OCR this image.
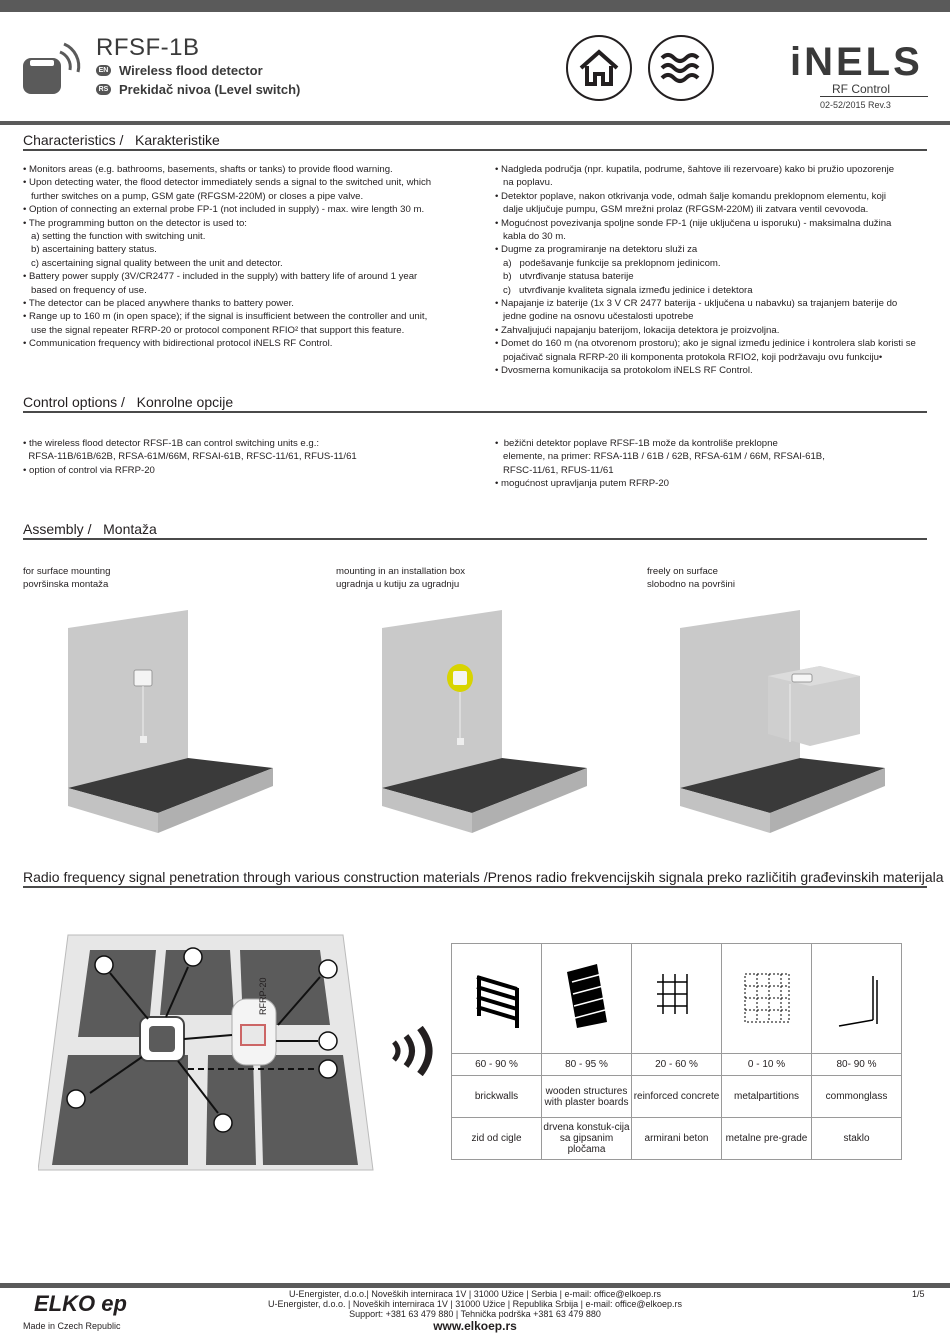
RFSF-1B
EN Wireless flood detector
RS Prekidač nivoa (Level switch)
iNELS
RF Control
02-52/2015 Rev.3
Characteristics / Karakteristike
• Monitors areas (e.g. bathrooms, basements, shafts or tanks) to provide flood warning.
• Upon detecting water, the flood detector immediately sends a signal to the switched unit, which
further switches on a pump, GSM gate (RFGSM-220M) or closes a pipe valve.
• Option of connecting an external probe FP-1 (not included in supply) - max. wire length 30 m.
• The programming button on the detector is used to:
a) setting the function with switching unit.
b) ascertaining battery status.
c) ascertaining signal quality between the unit and detector.
• Battery power supply (3V/CR2477 - included in the supply) with battery life of around 1 year
based on frequency of use.
• The detector can be placed anywhere thanks to battery power.
• Range up to 160 m (in open space); if the signal is insufficient between the controller and unit,
use the signal repeater RFRP-20 or protocol component RFIO² that support this feature.
• Communication frequency with bidirectional protocol iNELS RF Control.
• Nadgleda područja (npr. kupatila, podrume, šahtove ili rezervoare) kako bi pružio upozorenje
na poplavu.
• Detektor poplave, nakon otkrivanja vode, odmah šalje komandu preklopnom elementu, koji
dalje uključuje pumpu, GSM mrežni prolaz (RFGSM-220M) ili zatvara ventil cevovoda.
• Mogućnost povezivanja spoljne sonde FP-1 (nije uključena u isporuku) - maksimalna dužina
kabla do 30 m.
• Dugme za programiranje na detektoru služi za
a)   podešavanje funkcije sa preklopnom jedinicom.
b)   utvrđivanje statusa baterije
c)   utvrđivanje kvaliteta signala između jedinice i detektora
• Napajanje iz baterije (1x 3 V CR 2477 baterija - uključena u nabavku) sa trajanjem baterije do
jedne godine na osnovu učestalosti upotrebe
• Zahvaljujući napajanju baterijom, lokacija detektora je proizvoljna.
• Domet do 160 m (na otvorenom prostoru); ako je signal između jedinice i kontrolera slab koristi se
pojačivač signala RFRP-20 ili komponenta protokola RFIO2, koji podržavaju ovu funkciju•
• Dvosmerna komunikacija sa protokolom iNELS RF Control.
Control options / Konrolne opcije
• the wireless flood detector RFSF-1B can control switching units e.g.:
RFSA-11B/61B/62B, RFSA-61M/66M, RFSAI-61B, RFSC-11/61, RFUS-11/61
• option of control via RFRP-20
•  bežični detektor poplave RFSF-1B može da kontroliše preklopne
elemente, na primer: RFSA-11B / 61B / 62B, RFSA-61M / 66M, RFSAI-61B,
RFSC-11/61, RFUS-11/61
• mogućnost upravljanja putem RFRP-20
Assembly / Montaža
for surface mounting
površinska montaža
mounting in an installation box
ugradnja u kutiju za ugradnju
freely on surface
slobodno na površini
Radio frequency signal penetration through various construction materials / Prenos radio frekvencijskih signala preko različitih građevinskih materijala
RFRP-20

60 - 90 %	80 - 95 %	20 - 60 %	0 - 10 %	80- 90 %
brickwalls	wooden structures with plaster boards	reinforced concrete	metalpartitions	commonglass
zid od cigle	drvena konstuk-cija sa gipsanim pločama	armirani beton	metalne pre-grade	staklo
ELKO ep
Made in Czech Republic
U-Energister, d.o.o.| Noveških interniraca 1V | 31000 Užice | Serbia | e-mail: office@elkoep.rs
U-Energister, d.o.o. | Noveških interniraca 1V | 31000 Užice | Republika Srbija | e-mail: office@elkoep.rs
Support: +381 63 479 880 | Tehnička podrška +381 63 479 880
www.elkoep.rs
1/5
